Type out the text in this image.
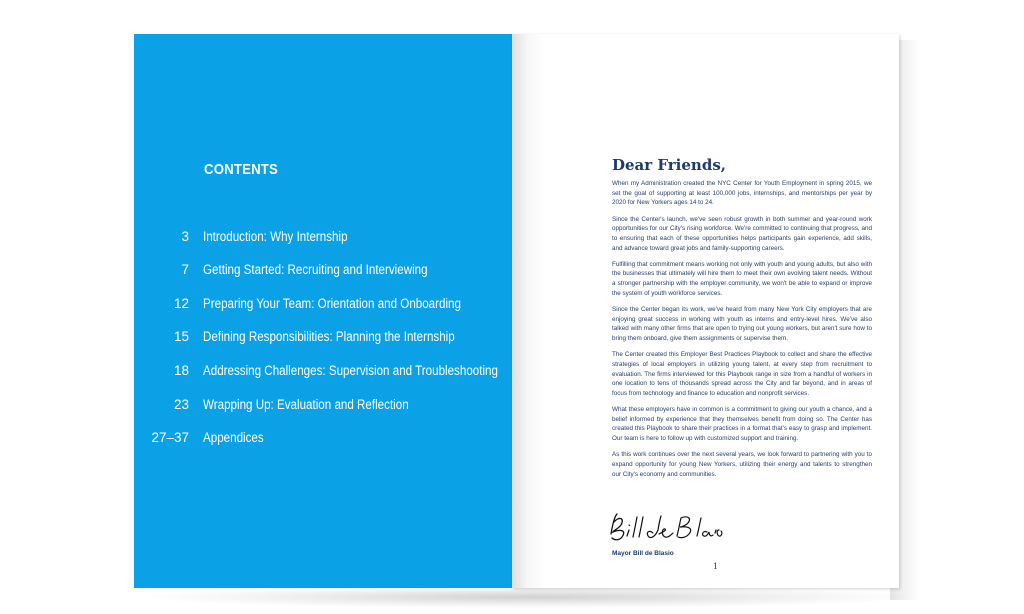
CONTENTS
3 Introduction: Why Internship
7 Getting Started: Recruiting and Interviewing
12 Preparing Your Team: Orientation and Onboarding
15 Defining Responsibilities: Planning the Internship
18 Addressing Challenges: Supervision and Troubleshooting
23 Wrapping Up: Evaluation and Reflection
27–37 Appendices
Dear Friends,

When my Administration created the NYC Center for Youth Employment in spring 2015, we set the goal of supporting at least 100,000 jobs, internships, and mentorships per year by 2020 for New Yorkers ages 14 to 24.

Since the Center's launch, we've seen robust growth in both summer and year-round work opportunities for our City's rising workforce. We're committed to continuing that progress, and to ensuring that each of these opportunities helps participants gain experience, add skills, and advance toward great jobs and family-supporting careers.

Fulfilling that commitment means working not only with youth and young adults, but also with the businesses that ultimately will hire them to meet their own evolving talent needs. Without a stronger partnership with the employer community, we won't be able to expand or improve the system of youth workforce services.

Since the Center began its work, we've heard from many New York City employers that are enjoying great success in working with youth as interns and entry-level hires. We've also talked with many other firms that are open to trying out young workers, but aren't sure how to bring them onboard, give them assignments or supervise them.

The Center created this Employer Best Practices Playbook to collect and share the effective strategies of local employers in utilizing young talent, at every step from recruitment to evaluation. The firms interviewed for this Playbook range in size from a handful of workers in one location to tens of thousands spread across the City and far beyond, and in areas of focus from technology and finance to education and nonprofit services.

What these employers have in common is a commitment to giving our youth a chance, and a belief informed by experience that they themselves benefit from doing so. The Center has created this Playbook to share their practices in a format that's easy to grasp and implement. Our team is here to follow up with customized support and training.

As this work continues over the next several years, we look forward to partnering with you to expand opportunity for young New Yorkers, utilizing their energy and talents to strengthen our City's economy and communities.

Mayor Bill de Blasio
1
